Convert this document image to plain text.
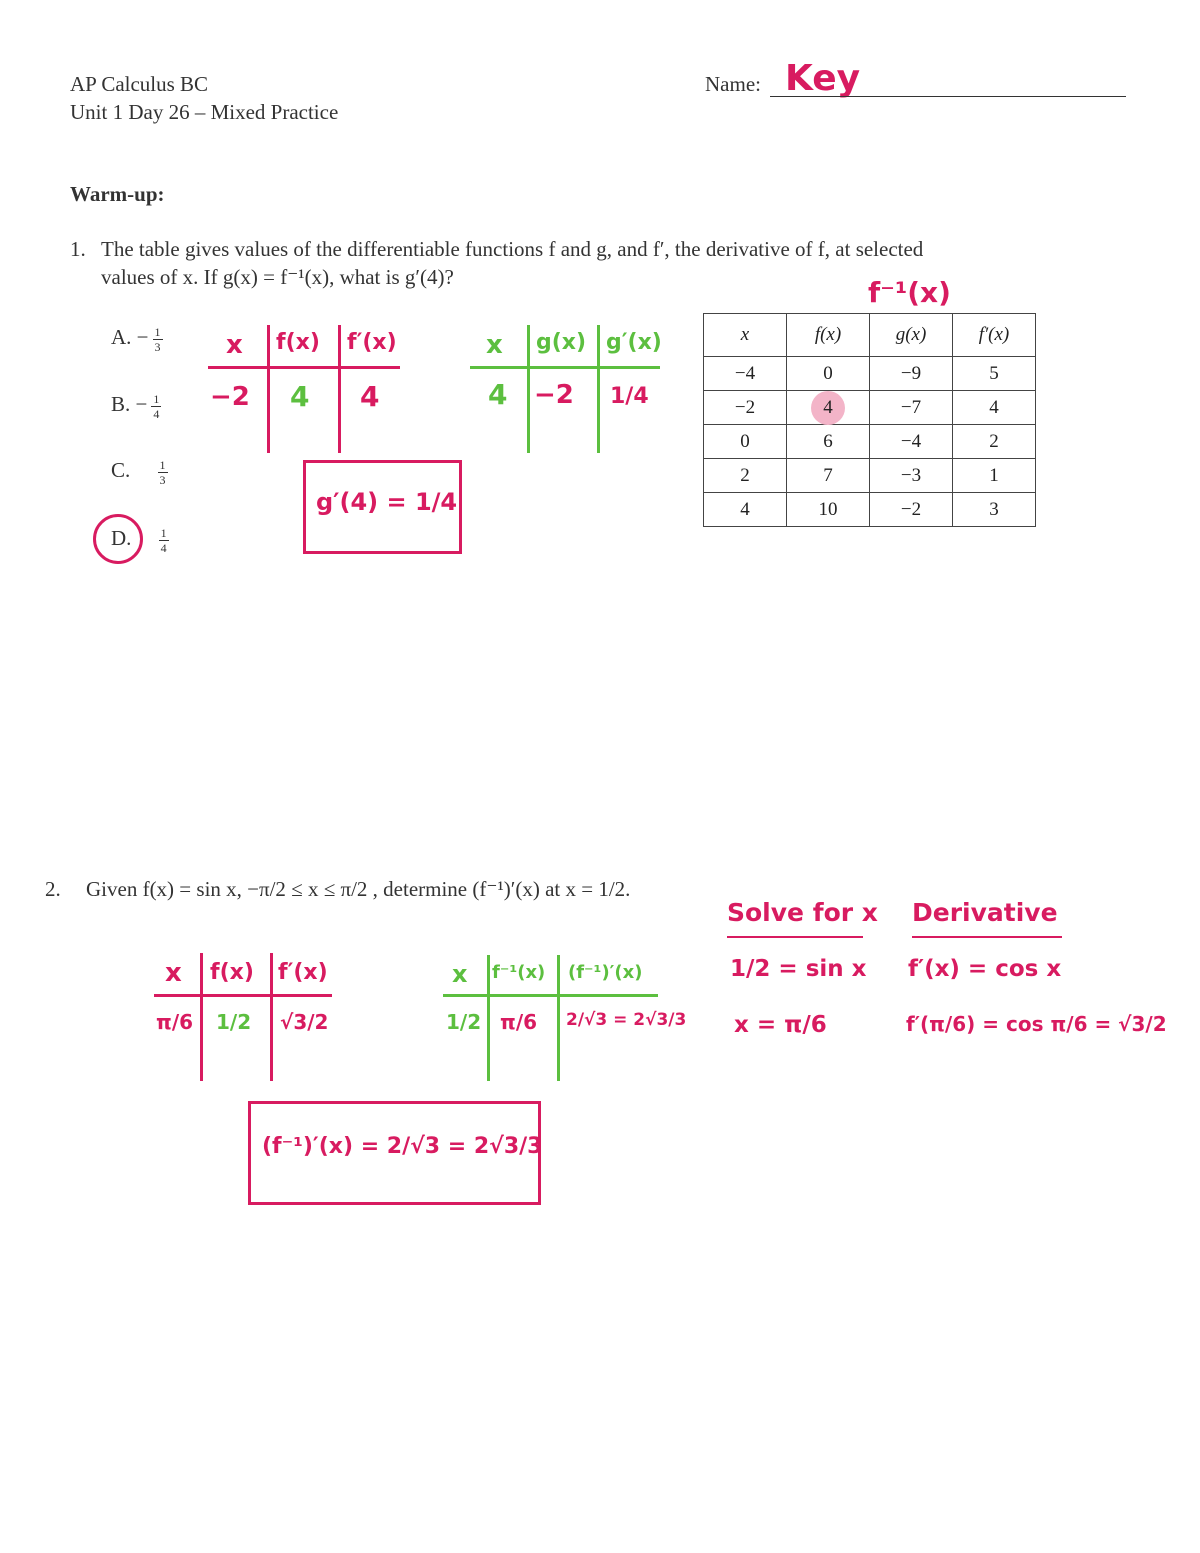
AP Calculus BC
Unit 1 Day 26 – Mixed Practice
Name: Key
Warm-up:
1. The table gives values of the differentiable functions f and g, and f′, the derivative of f, at selected
values of x. If g(x) = f⁻¹(x), what is g′(4)?
A. − $\frac{1}{3}$
B. − $\frac{1}{4}$
C. $\frac{1}{3}$
D. $\frac{1}{4}$
x f(x) f′(x)
−2 4 4
x g(x) g′(x)
4 −2 1/4
g′(4) = 1/4
f⁻¹(x)
x	f(x)	g(x)	f′(x)
−4	0	−9	5
−2	4	−7	4
0	6	−4	2
2	7	−3	1
4	10	−2	3
2. Given f(x) = sin x, −π/2 ≤ x ≤ π/2 , determine (f⁻¹)′(x) at x = 1/2.
x f(x) f′(x)
π/6 1/2 √3/2
x f⁻¹(x) (f⁻¹)′(x)
1/2 π/6 2/√3 = 2√3/3
(f⁻¹)′(x) = 2/√3 = 2√3/3
Solve for x
1/2 = sin x
x = π/6
Derivative
f′(x) = cos x
f′(π/6) = cos π/6 = √3/2
